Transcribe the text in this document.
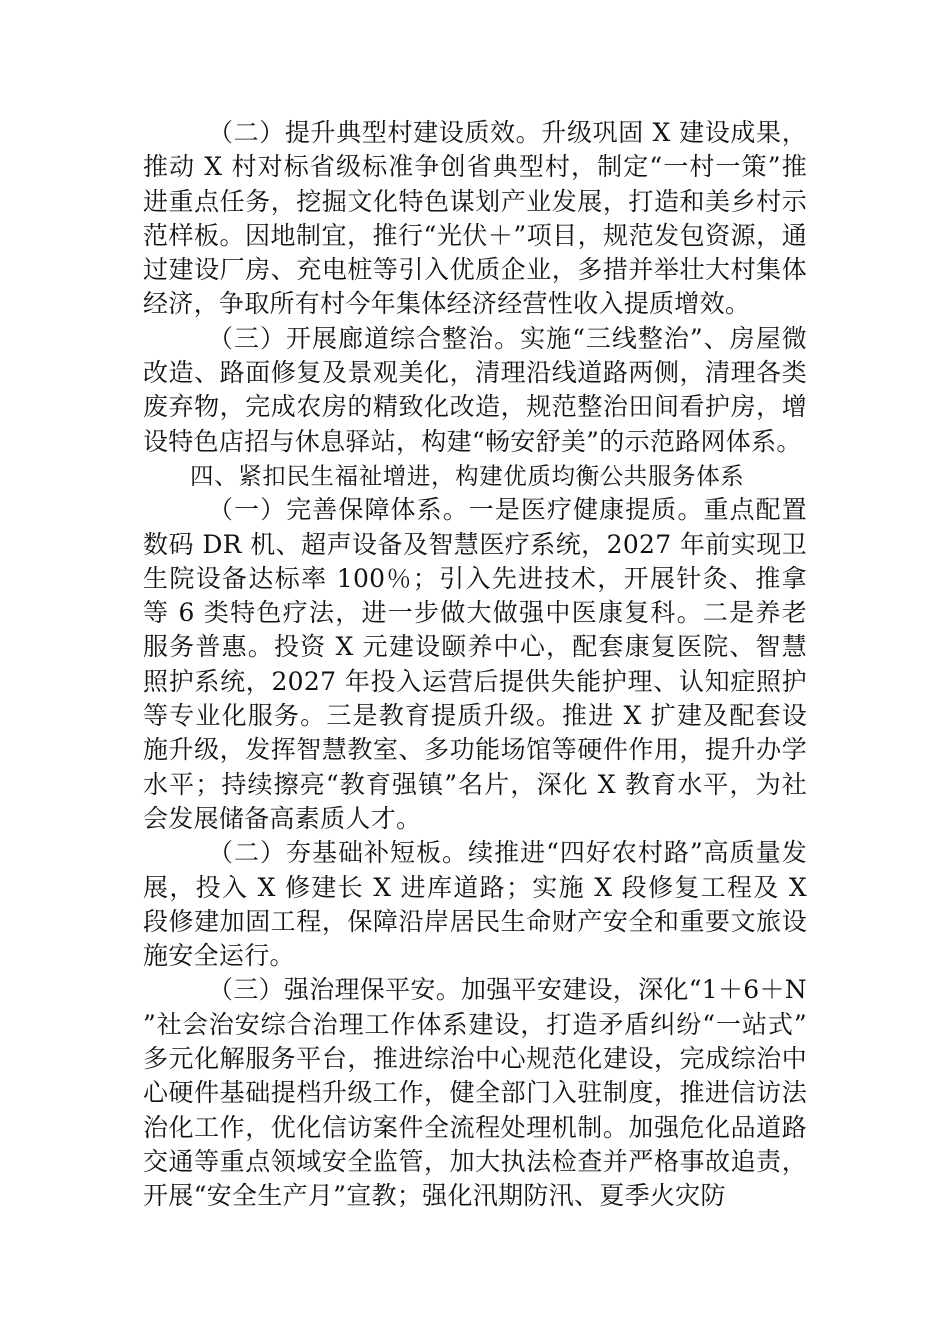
（二）提升典型村建设质效。升级巩固 X 建设成果，推动 X 村对标省级标准争创省典型村，制定“一村一策”推进重点任务，挖掘文化特色谋划产业发展，打造和美乡村示范样板。因地制宜，推行“光伏＋”项目，规范发包资源，通过建设厂房、充电桩等引入优质企业，多措并举壮大村集体经济，争取所有村今年集体经济经营性收入提质增效。

（三）开展廊道综合整治。实施“三线整治”、房屋微改造、路面修复及景观美化，清理沿线道路两侧，清理各类废弃物，完成农房的精致化改造，规范整治田间看护房，增设特色店招与休息驿站，构建“畅安舒美”的示范路网体系。

四、紧扣民生福祉增进，构建优质均衡公共服务体系

（一）完善保障体系。一是医疗健康提质。重点配置数码 DR 机、超声设备及智慧医疗系统，2027 年前实现卫生院设备达标率 100％；引入先进技术，开展针灸、推拿等 6 类特色疗法，进一步做大做强中医康复科。二是养老服务普惠。投资 X 元建设颐养中心，配套康复医院、智慧照护系统，2027 年投入运营后提供失能护理、认知症照护等专业化服务。三是教育提质升级。推进 X 扩建及配套设施升级，发挥智慧教室、多功能场馆等硬件作用，提升办学水平；持续擦亮“教育强镇”名片，深化 X 教育水平，为社会发展储备高素质人才。

（二）夯基础补短板。续推进“四好农村路”高质量发展，投入 X 修建长 X 进库道路；实施 X 段修复工程及 X 段修建加固工程，保障沿岸居民生命财产安全和重要文旅设施安全运行。

（三）强治理保平安。加强平安建设，深化“1＋6＋N”社会治安综合治理工作体系建设，打造矛盾纠纷“一站式”多元化解服务平台，推进综治中心规范化建设，完成综治中心硬件基础提档升级工作，健全部门入驻制度，推进信访法治化工作，优化信访案件全流程处理机制。加强危化品道路交通等重点领域安全监管，加大执法检查并严格事故追责，开展“安全生产月”宣教；强化汛期防汛、夏季火灾防
